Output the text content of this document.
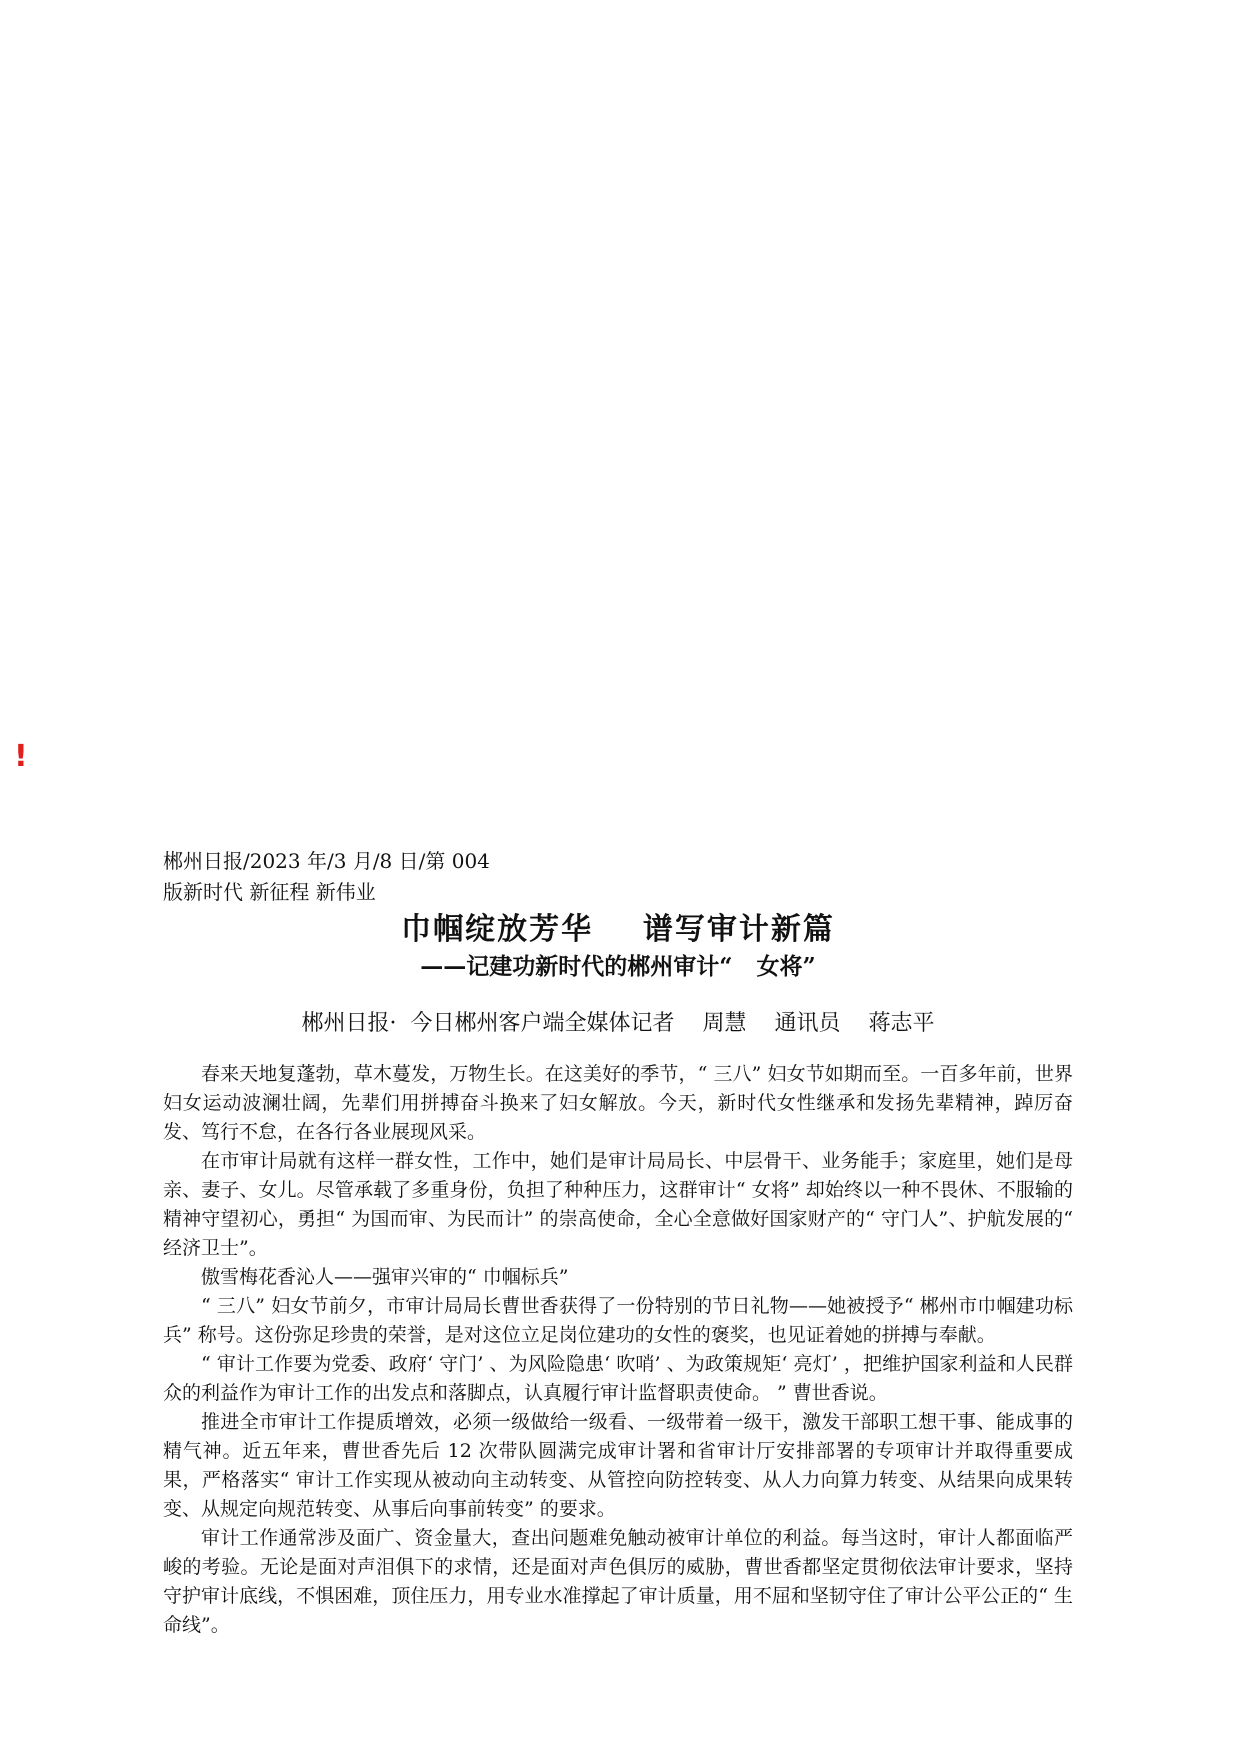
!
郴州日报/2023 年/3 月/8 日/第 004
版新时代 新征程 新伟业
巾帼绽放芳华    谱写审计新篇
——记建功新时代的郴州审计“   女将”
郴州日报·  今日郴州客户端全媒体记者    周慧    通讯员    蒋志平

春来天地复蓬勃，草木蔓发，万物生长。在这美好的季节，“ 三八” 妇女节如期而至。一百多年前，世界妇女运动波澜壮阔，先辈们用拼搏奋斗换来了妇女解放。今天，新时代女性继承和发扬先辈精神，踔厉奋发、笃行不怠，在各行各业展现风采。

在市审计局就有这样一群女性，工作中，她们是审计局局长、中层骨干、业务能手；家庭里，她们是母亲、妻子、女儿。尽管承载了多重身份，负担了种种压力，这群审计“ 女将” 却始终以一种不畏休、不服输的精神守望初心，勇担“ 为国而审、为民而计” 的崇高使命，全心全意做好国家财产的“ 守门人”、护航发展的“ 经济卫士”。

傲雪梅花香沁人——强审兴审的“ 巾帼标兵”

“ 三八” 妇女节前夕，市审计局局长曹世香获得了一份特别的节日礼物——她被授予“ 郴州市巾帼建功标兵” 称号。这份弥足珍贵的荣誉，是对这位立足岗位建功的女性的褒奖，也见证着她的拼搏与奉献。

“ 审计工作要为党委、政府‘ 守门’ 、为风险隐患‘ 吹哨’ 、为政策规矩‘ 亮灯’ ，把维护国家利益和人民群众的利益作为审计工作的出发点和落脚点，认真履行审计监督职责使命。 ” 曹世香说。

推进全市审计工作提质增效，必须一级做给一级看、一级带着一级干，激发干部职工想干事、能成事的精气神。近五年来，曹世香先后 12 次带队圆满完成审计署和省审计厅安排部署的专项审计并取得重要成果，严格落实“ 审计工作实现从被动向主动转变、从管控向防控转变、从人力向算力转变、从结果向成果转变、从规定向规范转变、从事后向事前转变” 的要求。

审计工作通常涉及面广、资金量大，查出问题难免触动被审计单位的利益。每当这时，审计人都面临严峻的考验。无论是面对声泪俱下的求情，还是面对声色俱厉的威胁，曹世香都坚定贯彻依法审计要求，坚持守护审计底线，不惧困难，顶住压力，用专业水准撑起了审计质量，用不屈和坚韧守住了审计公平公正的“ 生命线”。
